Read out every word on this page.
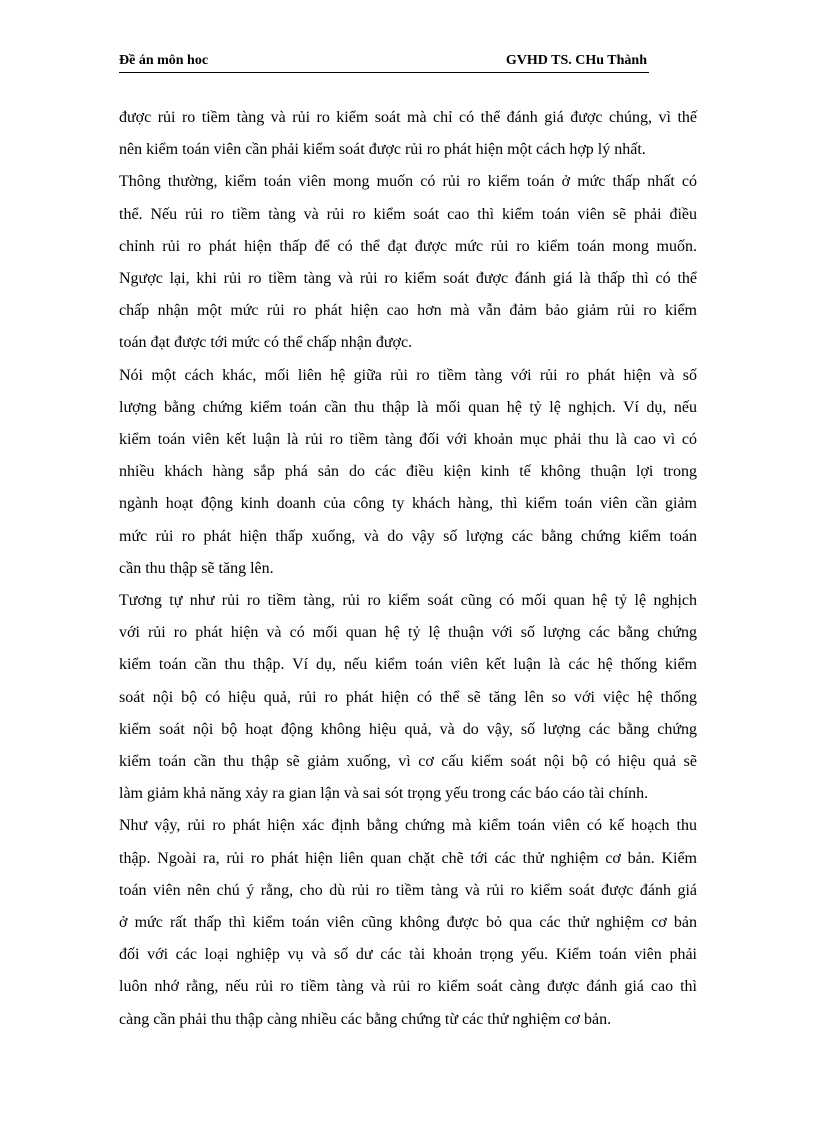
Đề án môn hoc	GVHD TS. CHu Thành
được rủi ro tiềm tàng và rủi ro kiểm soát mà chỉ có thể đánh giá được chúng, vì thế
nên kiểm toán viên cần phải kiểm soát được rủi ro phát hiện một cách hợp lý nhất.
Thông thường, kiểm toán viên mong muốn có rủi ro kiểm toán ở mức thấp nhất có
thể. Nếu rủi ro tiềm tàng và rủi ro kiểm soát cao thì kiểm toán viên sẽ phải điều
chỉnh rủi ro phát hiện thấp để có thể đạt được mức rủi ro kiểm toán mong muốn.
Ngược lại, khi rủi ro tiềm tàng và rủi ro kiểm soát được đánh giá là thấp thì có thể
chấp nhận một mức rủi ro phát hiện cao hơn mà vẫn đảm bảo giảm rủi ro kiểm
toán đạt được tới mức có thể chấp nhận được.
Nói một cách khác, mối liên hệ giữa rủi ro tiềm tàng với rủi ro phát hiện và số
lượng bằng chứng kiểm toán cần thu thập là mối quan hệ tỷ lệ nghịch. Ví dụ, nếu
kiểm toán viên kết luận là rủi ro tiềm tàng đối với khoản mục phải thu là cao vì có
nhiều khách hàng sắp phá sản do các điều kiện kinh tế không thuận lợi trong
ngành hoạt động kinh doanh của công ty khách hàng, thì kiểm toán viên cần giảm
mức rủi ro phát hiện thấp xuống, và do vậy số lượng các bằng chứng kiểm toán
cần thu thập sẽ tăng lên.
Tương tự như rủi ro tiềm tàng, rủi ro kiểm soát cũng có mối quan hệ tỷ lệ nghịch
với rủi ro phát hiện và có mối quan hệ tỷ lệ thuận với số lượng các bằng chứng
kiểm toán cần thu thập. Ví dụ, nếu kiểm toán viên kết luận là các hệ thống kiểm
soát nội bộ có hiệu quả, rủi ro phát hiện có thể sẽ tăng lên so với việc hệ thống
kiểm soát nội bộ hoạt động không hiệu quả, và do vậy, số lượng các bằng chứng
kiểm toán cần thu thập sẽ giảm xuống, vì cơ cấu kiểm soát nội bộ có hiệu quả sẽ
làm giảm khả năng xảy ra gian lận và sai sót trọng yếu trong các báo cáo tài chính.
Như vậy, rủi ro phát hiện xác định bằng chứng mà kiểm toán viên có kế hoạch thu
thập. Ngoài ra, rủi ro phát hiện liên quan chặt chẽ tới các thử nghiệm cơ bản. Kiểm
toán viên nên chú ý rằng, cho dù rủi ro tiềm tàng và rủi ro kiểm soát được đánh giá
ở mức rất thấp thì kiểm toán viên cũng không được bỏ qua các thử nghiệm cơ bản
đối với các loại nghiệp vụ và số dư các tài khoản trọng yếu. Kiểm toán viên phải
luôn nhớ rằng, nếu rủi ro tiềm tàng và rủi ro kiểm soát càng được đánh giá cao thì
càng cần phải thu thập càng nhiều các bằng chứng từ các thử nghiệm cơ bản.
